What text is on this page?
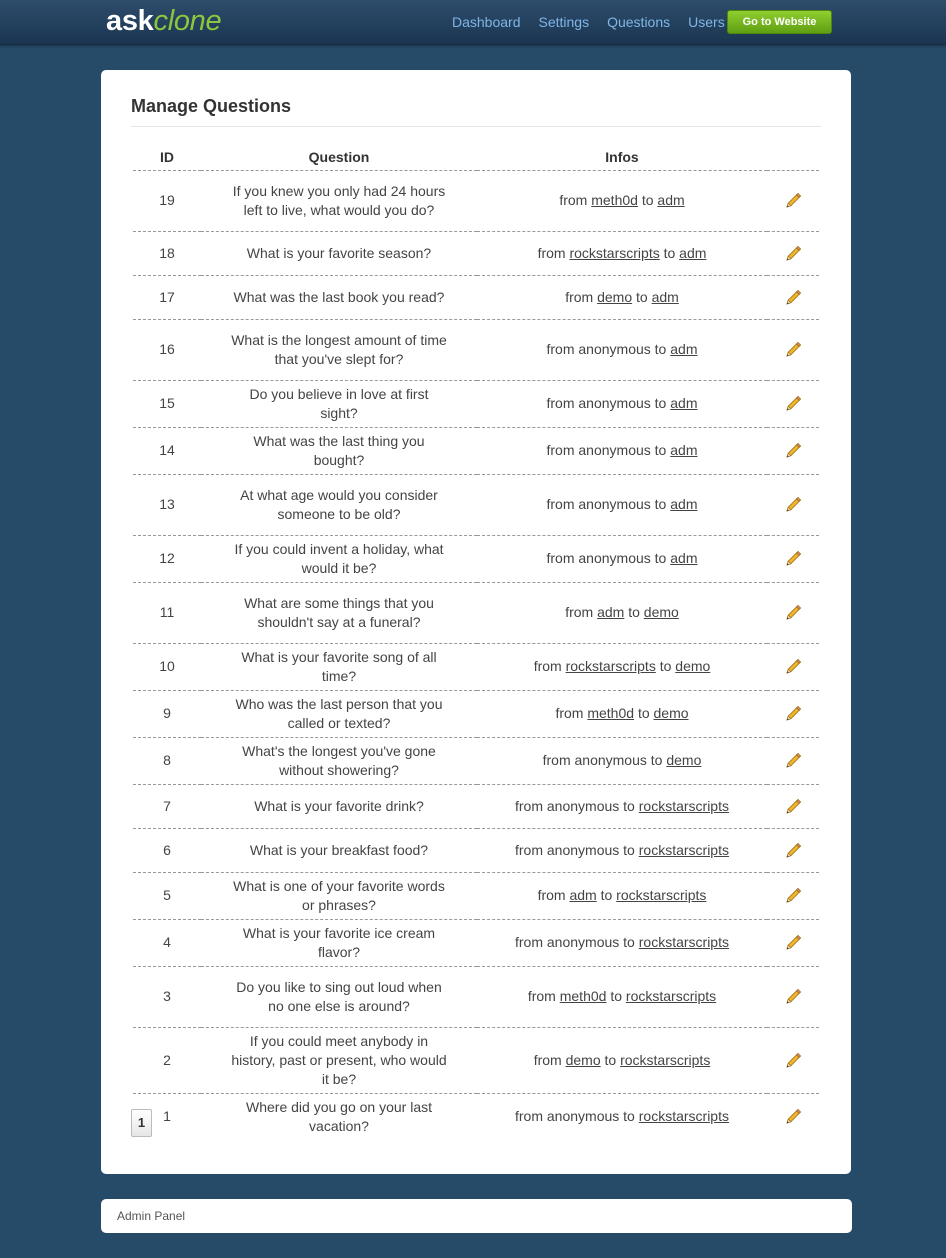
askclone	Dashboard Settings Questions Users	Go to Website
Manage Questions
ID	Question	Infos	
19	If you knew you only had 24 hours left to live, what would you do?	from meth0d to adm	
18	What is your favorite season?	from rockstarscripts to adm	
17	What was the last book you read?	from demo to adm	
16	What is the longest amount of time that you've slept for?	from anonymous to adm	
15	Do you believe in love at first sight?	from anonymous to adm	
14	What was the last thing you bought?	from anonymous to adm	
13	At what age would you consider someone to be old?	from anonymous to adm	
12	If you could invent a holiday, what would it be?	from anonymous to adm	
11	What are some things that you shouldn't say at a funeral?	from adm to demo	
10	What is your favorite song of all time?	from rockstarscripts to demo	
9	Who was the last person that you called or texted?	from meth0d to demo	
8	What's the longest you've gone without showering?	from anonymous to demo	
7	What is your favorite drink?	from anonymous to rockstarscripts	
6	What is your breakfast food?	from anonymous to rockstarscripts	
5	What is one of your favorite words or phrases?	from adm to rockstarscripts	
4	What is your favorite ice cream flavor?	from anonymous to rockstarscripts	
3	Do you like to sing out loud when no one else is around?	from meth0d to rockstarscripts	
2	If you could meet anybody in history, past or present, who would it be?	from demo to rockstarscripts	
1	Where did you go on your last vacation?	from anonymous to rockstarscripts	
1
Admin Panel
